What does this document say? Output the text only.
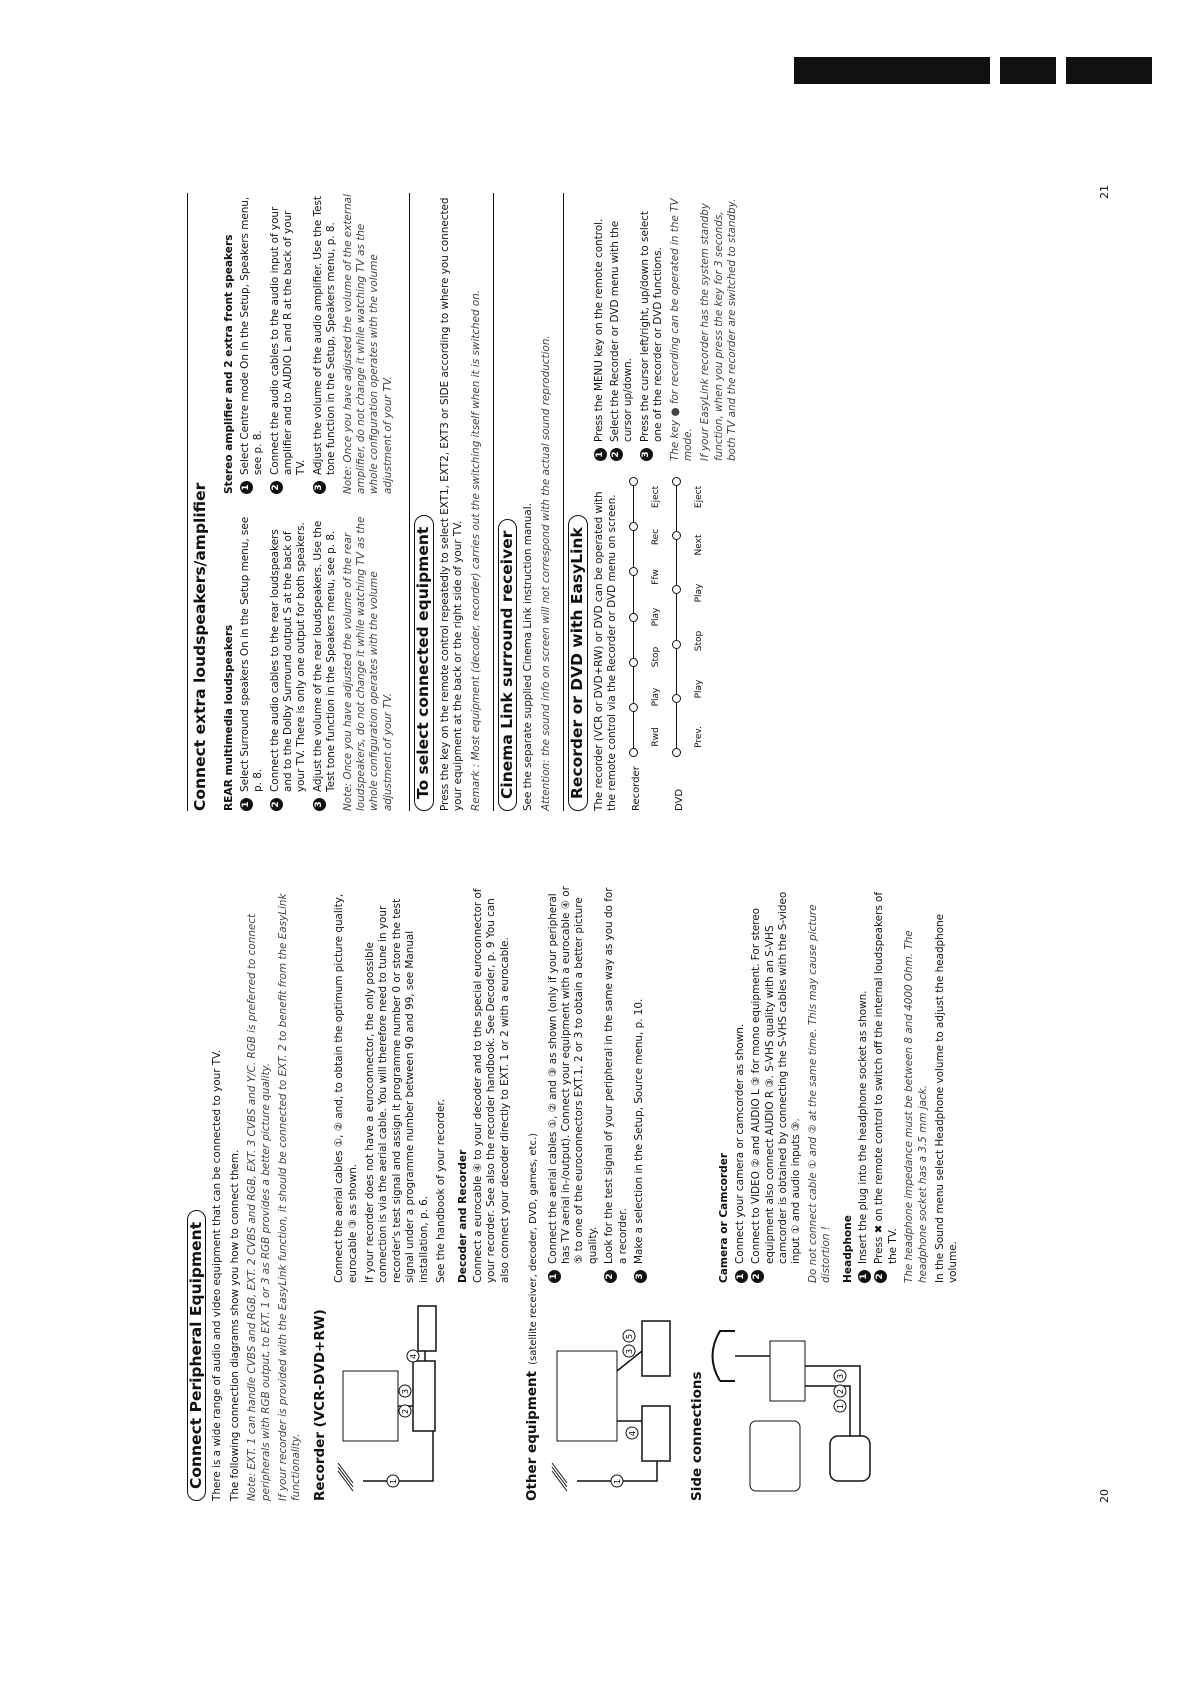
Connect Peripheral Equipment There is a wide range of audio and video equipment that can be connected to your TV. The following connection diagrams show you how to connect them. Note: EXT. 1 can handle CVBS and RGB, EXT. 2 CVBS and RGB, EXT. 3 CVBS and Y/C. RGB is preferred to connect peripherals with RGB output, to EXT. 1 or 3 as RGB provides a better picture quality. If your recorder is provided with the EasyLink function, it should be connected to EXT. 2 to benefit from the EasyLink functionality. Recorder (VCR-DVD+RW)	1
2
3
4

Connect the aerial cables ①, ② and, to obtain the optimum picture quality, eurocable ③ as shown. If your recorder does not have a euroconnector, the only possible connection is via the aerial cable. You will therefore need to tune in your recorder's test signal and assign it programme number 0 or store the test signal under a programme number between 90 and 99, see Manual installation, p. 6. See the handbook of your recorder. Decoder and Recorder Connect a eurocable ④ to your decoder and to the special euroconnector of your recorder. See also the recorder handbook. See Decoder, p. 9 You can also connect your decoder directly to EXT. 1 or 2 with a eurocable.

Other equipment(satellite receiver, decoder, DVD, games, etc.)
1
4
3
5
1
Connect the aerial cables ①, ② and ③ as shown (only if your peripheral has TV aerial in-/output). Connect your equipment with a eurocable ④ or ⑤ to one of the euroconnectors EXT.1, 2 or 3 to obtain a better picture quality.
2
Look for the test signal of your peripheral in the same way as you do for a recorder.
3
Make a selection in the Setup, Source menu, p. 10.
Side connections	1
2
3
Camera or Camcorder 1
Connect your camera or camcorder as shown.
2
Connect to VIDEO ② and AUDIO L ③ for mono equipment. For stereo equipment also connect AUDIO R ③. S-VHS quality with an S-VHS camcorder is obtained by connecting the S-VHS cables with the S-video input ① and audio inputs ③. Do not connect cable ① and ② at the same time. This may cause picture distortion ! Headphone 1
Insert the plug into the headphone socket as shown.
2
Press ✖ on the remote control to switch off the internal loudspeakers of the TV. The headphone impedance must be between 8 and 4000 Ohm. The headphone socket has a 3.5 mm jack. In the Sound menu select Headphone volume to adjust the headphone volume.

20
Connect extra loudspeakers/amplifier REAR multimedia loudspeakers 1
Select Surround speakers On in the Setup menu, see p. 8.
2
Connect the audio cables to the rear loudspeakers and to the Dolby Surround output S at the back of your TV. There is only one output for both speakers.
3
Adjust the volume of the rear loudspeakers. Use the Test tone function in the Speakers menu, see p. 8. Note: Once you have adjusted the volume of the rear loudspeakers, do not change it while watching TV as the whole configuration operates with the volume adjustment of your TV.

Stereo amplifier and 2 extra front speakers 1
Select Centre mode On in the Setup, Speakers menu, see p. 8.
2
Connect the audio cables to the audio input of your amplifier and to AUDIO L and R at the back of your TV.
3
Adjust the volume of the audio amplifier. Use the Test tone function in the Setup, Speakers menu, p. 8. Note: Once you have adjusted the volume of the external amplifier, do not change it while watching TV as the whole configuration operates with the volume adjustment of your TV.

To select connected equipment Press the key on the remote control repeatedly to select EXT1, EXT2, EXT3 or SIDE according to where you connected your equipment at the back or the right side of your TV. Remark : Most equipment (decoder, recorder) carries out the switching itself when it is switched on. Cinema Link surround receiver See the separate supplied Cinema Link instruction manual. Attention: the sound info on screen will not correspond with the actual sound reproduction. Recorder or DVD with EasyLink The recorder (VCR or DVD+RW) or DVD can be operated with the remote control via the Recorder or DVD menu on screen. Recorder
Rwd
Play
Stop
Play
Ffw
Rec
Eject
DVD
Prev.
Play
Stop
Play
Next
Eject
1
Press the MENU key on the remote control.
2
Select the Recorder or DVD menu with the cursor up/down.
3
Press the cursor left/right, up/down to select one of the recorder or DVD functions. The key ● for recording can be operated in the TV mode. If your EasyLink recorder has the system standby function, when you press the key for 3 seconds, both TV and the recorder are switched to standby.

21
